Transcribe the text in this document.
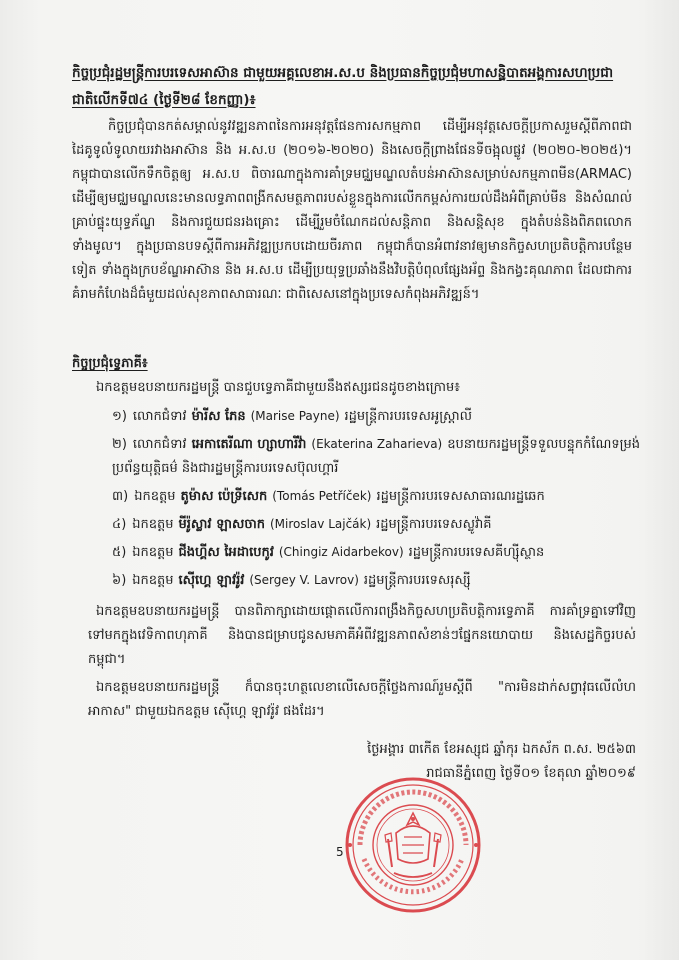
កិច្ចប្រជុំរដ្ឋមន្ត្រីការបរទេសអាស៊ាន ជាមួយអគ្គលេខាអ.ស.ប និងប្រធានកិច្ចប្រជុំមហាសន្និបាតអង្គការសហប្រជាជាតិលើកទី៧៤ (ថ្ងៃទី២៨ ខែកញ្ញា)៖
កិច្ចប្រជុំបានកត់សម្គាល់នូវវឌ្ឍនភាពនៃការអនុវត្តផែនការសកម្មភាព ដើម្បីអនុវត្តសេចក្តីប្រកាសរួមស្តីពីភាពជាដៃគូទូលំទូលាយរវាងអាស៊ាន និង អ.ស.ប (២០១៦-២០២០) និងសេចក្តីព្រាងផែនទីចង្អុលផ្លូវ (២០២០-២០២៥)។ កម្ពុជាបានលើកទឹកចិត្តឲ្យ អ.ស.ប ពិចារណាក្នុងការគាំទ្រមជ្ឈមណ្ឌលតំបន់អាស៊ានសម្រាប់សកម្មភាពមីន(ARMAC) ដើម្បីឲ្យមជ្ឈមណ្ឌលនេះមានលទ្ធភាពពង្រីកសមត្ថភាពរបស់ខ្លួនក្នុងការលើកកម្ពស់ការយល់ដឹងអំពីគ្រាប់មីន និងសំណល់គ្រាប់ផ្ទុះយុទ្ធភ័ណ្ឌ និងការជួយជនរងគ្រោះ ដើម្បីរួមចំណែកដល់សន្តិភាព និងសន្តិសុខ ក្នុងតំបន់និងពិភពលោកទាំងមូល។ ក្នុងប្រធានបទស្តីពីការអភិវឌ្ឍប្រកបដោយចីរភាព កម្ពុជាក៏បានអំពាវនាវឲ្យមានកិច្ចសហប្រតិបត្តិការបន្ថែមទៀត ទាំងក្នុងក្របខ័ណ្ឌអាស៊ាន និង អ.ស.ប ដើម្បីប្រយុទ្ធប្រឆាំងនឹងវិបត្តិបំពុលផ្សែងអ័ព្ទ និងកង្វះគុណភាព ដែលជាការគំរាមកំហែងដ៏ធំមួយដល់សុខភាពសាធារណៈ ជាពិសេសនៅក្នុងប្រទេសកំពុងអភិវឌ្ឍន៍។
កិច្ចប្រជុំទ្វេភាគី៖
ឯកឧត្តមឧបនាយករដ្ឋមន្ត្រី បានជួបទ្វេភាគីជាមួយនឹងឥស្សរជនដូចខាងក្រោម៖
១) លោកជំទាវ ម៉ារីស ភែន (Marise Payne) រដ្ឋមន្ត្រីការបរទេសអូស្ត្រាលី
២) លោកជំទាវ អេកាតេរីណា ហ្សាហារីវ៉ា (Ekaterina Zaharieva) ឧបនាយករដ្ឋមន្ត្រីទទួលបន្ទុកកំណែទម្រង់ប្រព័ន្ធយុត្តិធម៌ និងជារដ្ឋមន្ត្រីការបរទេសប៊ុលហ្គារី
៣) ឯកឧត្តម តូម៉ាស ប៉េទ្រីសេក (Tomás Petříček) រដ្ឋមន្ត្រីការបរទេសសាធារណរដ្ឋឆេក
៤) ឯកឧត្តម មីរ៉ូស្លាវ ឡាសចាក (Miroslav Lajčák) រដ្ឋមន្ត្រីការបរទេសស្លូវ៉ាគី
៥) ឯកឧត្តម ជីងហ្គីស អៃដាបេកូវ (Chingiz Aidarbekov) រដ្ឋមន្ត្រីការបរទេសគីហ្ស៊ីស្ថាន
៦) ឯកឧត្តម ស៊ើហ្គេ ឡាវរ៉ូវ (Sergey V. Lavrov) រដ្ឋមន្ត្រីការបរទេសរុស្ស៊ី
ឯកឧត្តមឧបនាយករដ្ឋមន្ត្រី បានពិភាក្សាដោយផ្តោតលើការពង្រឹងកិច្ចសហប្រតិបត្តិការទ្វេភាគី ការគាំទ្រគ្នាទៅវិញទៅមកក្នុងវេទិកាពហុភាគី និងបានជម្រាបជូនសមភាគីអំពីវឌ្ឍនភាពសំខាន់ៗផ្នែកនយោបាយ និងសេដ្ឋកិច្ចរបស់កម្ពុជា។
ឯកឧត្តមឧបនាយករដ្ឋមន្ត្រី ក៏បានចុះហត្ថលេខាលើសេចក្តីថ្លែងការណ៍រួមស្តីពី "ការមិនដាក់សព្វាវុធលើលំហអាកាស" ជាមួយឯកឧត្តម ស៊ើហ្គេ ឡាវរ៉ូវ ផងដែរ។
ថ្ងៃអង្គារ ៣កើត ខែអស្សុជ ឆ្នាំកុរ ឯកស័ក ព.ស. ២៥៦៣
រាជធានីភ្នំពេញ ថ្ងៃទី០១ ខែតុលា ឆ្នាំ២០១៩
5
